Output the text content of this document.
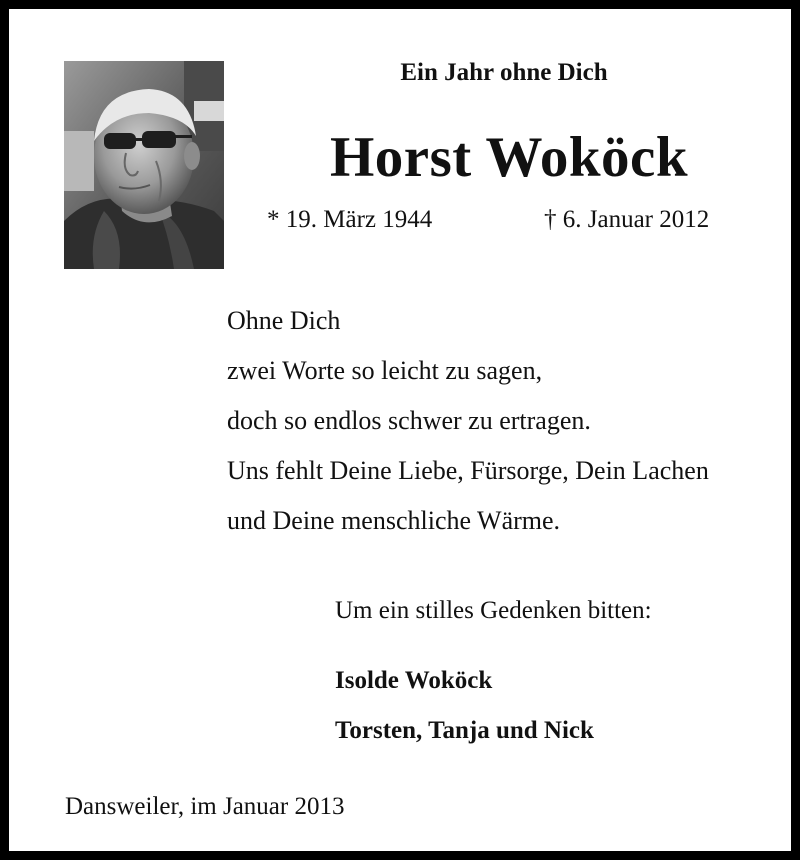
Ein Jahr ohne Dich
Horst Woköck
* 19. März 1944	† 6. Januar 2012
Ohne Dich
zwei Worte so leicht zu sagen,
doch so endlos schwer zu ertragen.
Uns fehlt Deine Liebe, Fürsorge, Dein Lachen
und Deine menschliche Wärme.
Um ein stilles Gedenken bitten:
Isolde Woköck
Torsten, Tanja und Nick
Dansweiler, im Januar 2013
